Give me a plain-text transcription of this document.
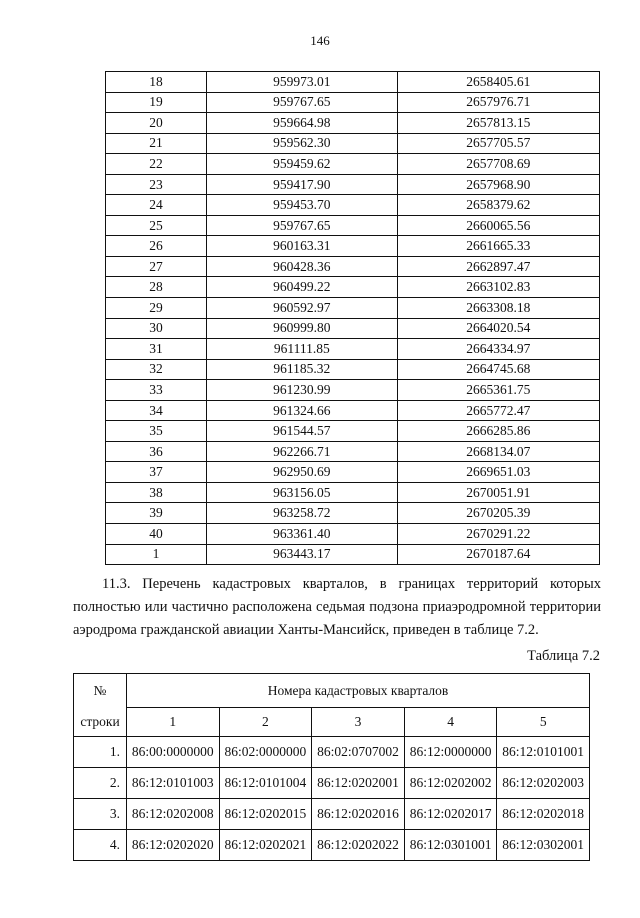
146
18	959973.01	2658405.61
19	959767.65	2657976.71
20	959664.98	2657813.15
21	959562.30	2657705.57
22	959459.62	2657708.69
23	959417.90	2657968.90
24	959453.70	2658379.62
25	959767.65	2660065.56
26	960163.31	2661665.33
27	960428.36	2662897.47
28	960499.22	2663102.83
29	960592.97	2663308.18
30	960999.80	2664020.54
31	961111.85	2664334.97
32	961185.32	2664745.68
33	961230.99	2665361.75
34	961324.66	2665772.47
35	961544.57	2666285.86
36	962266.71	2668134.07
37	962950.69	2669651.03
38	963156.05	2670051.91
39	963258.72	2670205.39
40	963361.40	2670291.22
1	963443.17	2670187.64

11.3. Перечень кадастровых кварталов, в границах территорий которых полностью или частично расположена седьмая подзона приаэродромной территории аэродрома гражданской авиации Ханты-Мансийск, приведен в таблице 7.2.

Таблица 7.2
№	Номера кадастровых кварталов				
строки	1	2	3	4	5
1.	86:00:0000000	86:02:0000000	86:02:0707002	86:12:0000000	86:12:0101001
2.	86:12:0101003	86:12:0101004	86:12:0202001	86:12:0202002	86:12:0202003
3.	86:12:0202008	86:12:0202015	86:12:0202016	86:12:0202017	86:12:0202018
4.	86:12:0202020	86:12:0202021	86:12:0202022	86:12:0301001	86:12:0302001
